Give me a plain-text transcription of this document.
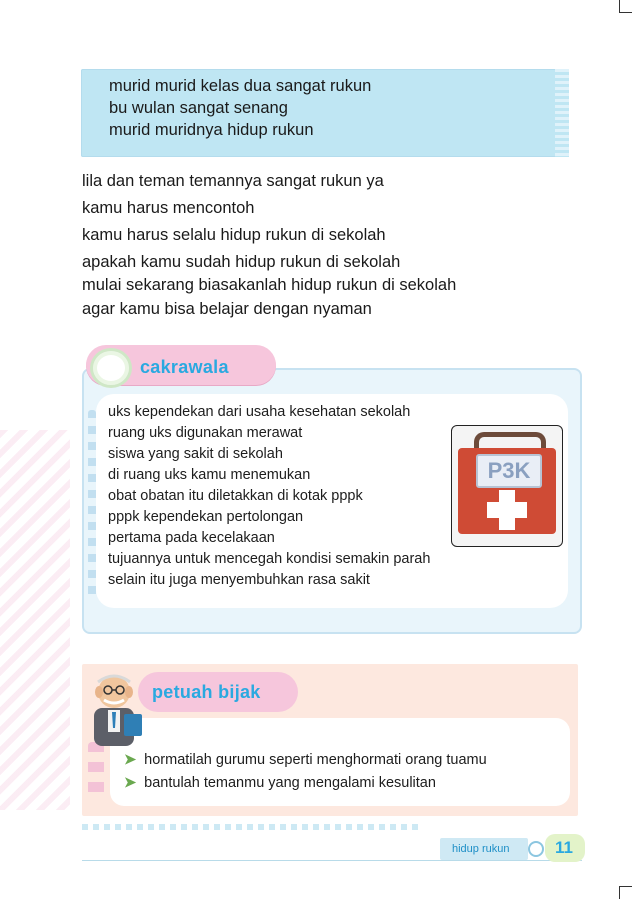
murid murid kelas dua sangat rukun
bu wulan sangat senang
murid muridnya hidup rukun
lila dan teman temannya sangat rukun ya
kamu harus mencontoh
kamu harus selalu hidup rukun di sekolah
apakah kamu sudah hidup rukun di sekolah
mulai sekarang biasakanlah hidup rukun di sekolah
agar kamu bisa belajar dengan nyaman
cakrawala
uks kependekan dari usaha kesehatan sekolah
ruang uks digunakan merawat
siswa yang sakit di sekolah
di ruang uks kamu menemukan
obat obatan itu diletakkan di kotak pppk
pppk kependekan pertolongan
pertama pada kecelakaan
tujuannya untuk mencegah kondisi semakin parah
selain itu juga menyembuhkan rasa sakit
P3K
petuah bijak
➤ hormatilah gurumu seperti menghormati orang tuamu
➤ bantulah temanmu yang mengalami kesulitan
hidup rukun	11
